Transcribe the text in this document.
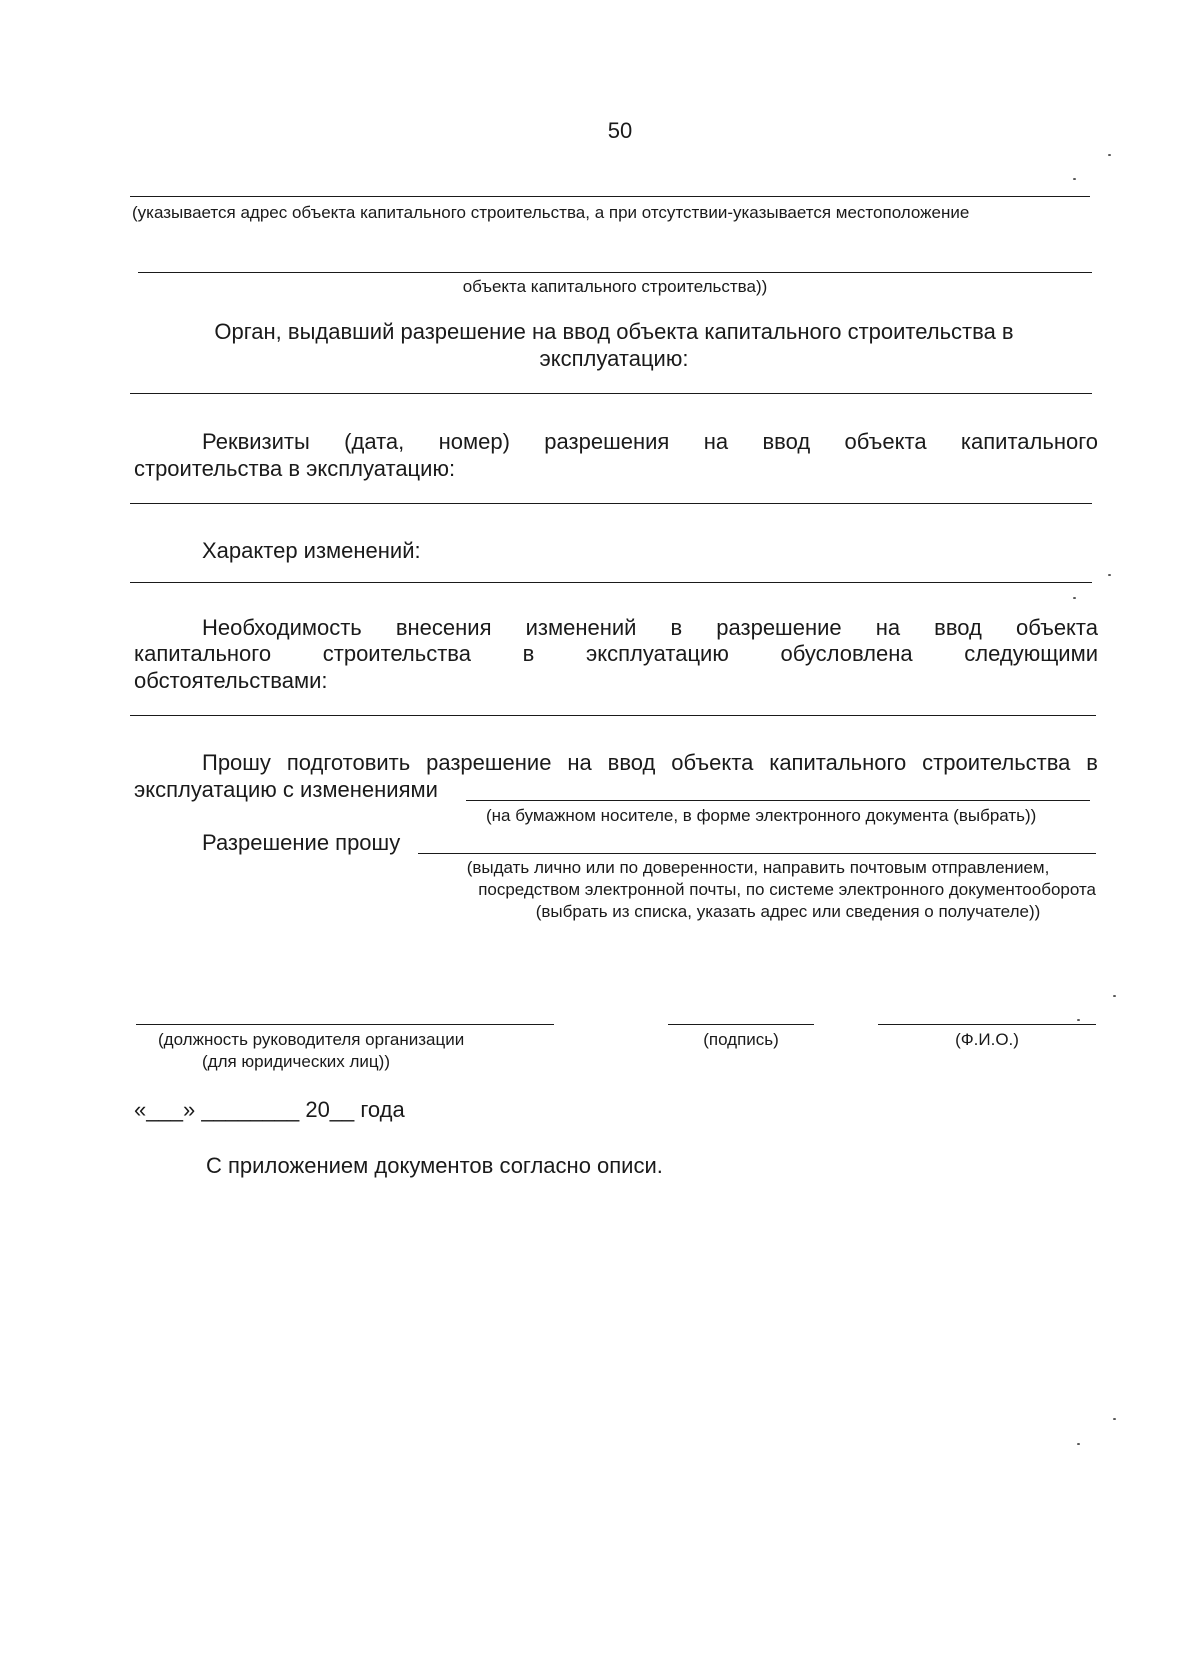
50
(указывается адрес объекта капитального строительства, а при отсутствии-указывается местоположение
объекта капитального строительства))
Орган, выдавший разрешение на ввод объекта капитального строительства в
эксплуатацию:
Реквизиты (дата, номер) разрешения на ввод объекта капитального
строительства в эксплуатацию:
Характер изменений:
Необходимость внесения изменений в разрешение на ввод объекта
капитального строительства в эксплуатацию обусловлена следующими
обстоятельствами:
Прошу подготовить разрешение на ввод объекта капитального строительства в
эксплуатацию с изменениями
(на бумажном носителе, в форме электронного документа (выбрать))
Разрешение прошу
(выдать лично или по доверенности, направить почтовым отправлением,
посредством электронной почты, по системе электронного документооборота
(выбрать из списка, указать адрес или сведения о получателе))
(должность руководителя организации
(для юридических лиц))
(подпись)	(Ф.И.О.)
«___» ________ 20__ года
С приложением документов согласно описи.
